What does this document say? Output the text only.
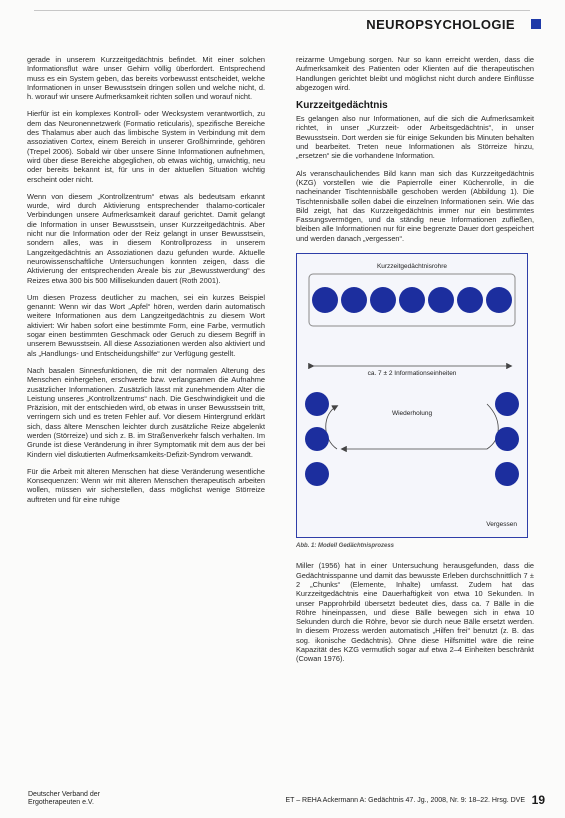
NEUROPSYCHOLOGIE

gerade in unserem Kurzzeitgedächtnis befindet. Mit einer solchen Informationsflut wäre unser Gehirn völlig überfordert. Entsprechend muss es ein System geben, das bereits vorbewusst entscheidet, welche Informationen in unser Bewusstsein dringen sollen und welche nicht, d. h. worauf wir unsere Aufmerksamkeit richten sollen und worauf nicht.

Hierfür ist ein komplexes Kontroll- oder Wecksystem verantwortlich, zu dem das Neuronennetzwerk (Formatio reticularis), spezifische Bereiche des Thalamus aber auch das limbische System in Verbindung mit dem assoziativen Cortex, einem Bereich in unserer Großhirnrinde, gehören (Trepel 2006). Sobald wir über unsere Sinne Informationen aufnehmen, wird über diese Bereiche abgeglichen, ob etwas wichtig, unwichtig, neu oder bereits bekannt ist, für uns in der aktuellen Situation wichtig erscheint oder nicht.

Wenn von diesem „Kontrollzentrum“ etwas als bedeutsam erkannt wurde, wird durch Aktivierung entsprechender thalamo-corticaler Verbindungen unsere Aufmerksamkeit darauf gerichtet. Damit gelangt die Information in unser Bewusstsein, unser Kurzzeitgedächtnis. Aber nicht nur die Information oder der Reiz gelangt in unser Bewusstsein, sondern alles, was in diesem Kontrollprozess in unserem Langzeitgedächtnis an Assoziationen dazu gefunden wurde. Aktuelle neurowissenschaftliche Untersuchungen konnten zeigen, dass die Aktivierung der entsprechenden Areale bis zur „Bewusstwerdung“ des Reizes etwa 300 bis 500 Millisekunden dauert (Roth 2001).

Um diesen Prozess deutlicher zu machen, sei ein kurzes Beispiel genannt: Wenn wir das Wort „Apfel“ hören, werden darin automatisch weitere Informationen aus dem Langzeitgedächtnis zu diesem Wort aktiviert: Wir haben sofort eine bestimmte Form, eine Farbe, vermutlich sogar einen bestimmten Geschmack oder Geruch zu diesem Begriff in unserem Bewusstsein. All diese Assoziationen werden also aktiviert und als „Handlungs- und Entscheidungshilfe“ zur Verfügung gestellt.

Nach basalen Sinnesfunktionen, die mit der normalen Alterung des Menschen einhergehen, erschwerte bzw. verlangsamen die Aufnahme zusätzlicher Informationen. Zusätzlich lässt mit zunehmendem Alter die Leistung unseres „Kontrollzentrums“ nach. Die Geschwindigkeit und die Präzision, mit der entschieden wird, ob etwas in unser Bewusstsein tritt, verringern sich und es treten Fehler auf. Vor diesem Hintergrund erklärt sich, dass ältere Menschen leichter durch zusätzliche Reize abgelenkt werden (Störreize) und sich z. B. im Straßenverkehr falsch verhalten. Im Grunde ist diese Veränderung in ihrer Symptomatik mit dem aus der bei Kindern viel diskutierten Aufmerksamkeits-Defizit-Syndrom verwandt.

Für die Arbeit mit älteren Menschen hat diese Veränderung wesentliche Konsequenzen: Wenn wir mit älteren Menschen therapeutisch arbeiten wollen, müssen wir sicherstellen, dass möglichst wenige Störreize auftreten und für eine ruhige

reizarme Umgebung sorgen. Nur so kann erreicht werden, dass die Aufmerksamkeit des Patienten oder Klienten auf die therapeutischen Handlungen gerichtet bleibt und möglichst nicht durch andere Einflüsse abgezogen wird.

Kurzzeitgedächtnis

Es gelangen also nur Informationen, auf die sich die Aufmerksamkeit richtet, in unser „Kurzzeit- oder Arbeitsgedächtnis“, in unser Bewusstsein. Dort werden sie für einige Sekunden bis Minuten behalten und bearbeitet. Treten neue Informationen als Störreize hinzu, „ersetzen“ sie die vorhandene Information.

Als veranschaulichendes Bild kann man sich das Kurzzeitgedächtnis (KZG) vorstellen wie die Papierrolle einer Küchenrolle, in die nacheinander Tischtennisbälle geschoben werden (Abbildung 1). Die Tischtennisbälle sollen dabei die einzelnen Informationen sein. Wie das Bild zeigt, hat das Kurzzeitgedächtnis immer nur ein bestimmtes Fassungsvermögen, und da ständig neue Informationen zufließen, bleiben alle Informationen nur für eine begrenzte Dauer dort gespeichert und werden danach „vergessen“.

Kurzzeitgedächtnisrohre
ca. 7 ± 2 Informationseinheiten
Wiederholung
Vergessen
Abb. 1: Modell Gedächtnisprozess

Miller (1956) hat in einer Untersuchung herausgefunden, dass die Gedächtnisspanne und damit das bewusste Erleben durchschnittlich 7 ± 2 „Chunks“ (Elemente, Inhalte) umfasst. Zudem hat das Kurzzeitgedächtnis eine Dauerhaftigkeit von etwa 10 Sekunden. In unser Papprohrbild übersetzt bedeutet dies, dass ca. 7 Bälle in die Röhre hineinpassen, und diese Bälle bewegen sich in etwa 10 Sekunden durch die Röhre, bevor sie durch neue Bälle ersetzt werden. In diesem Prozess werden automatisch „Hilfen frei“ benutzt (z. B. das sog. ikonische Gedächtnis). Ohne diese Hilfsmittel wäre die reine Kapazität des KZG vermutlich sogar auf etwa 2–4 Einheiten beschränkt (Cowan 1976).

Deutscher Verband der
Ergotherapeuten e.V.	ET – REHA Ackermann A: Gedächtnis 47. Jg., 2008, Nr. 9: 18–22. Hrsg. DVE 19
